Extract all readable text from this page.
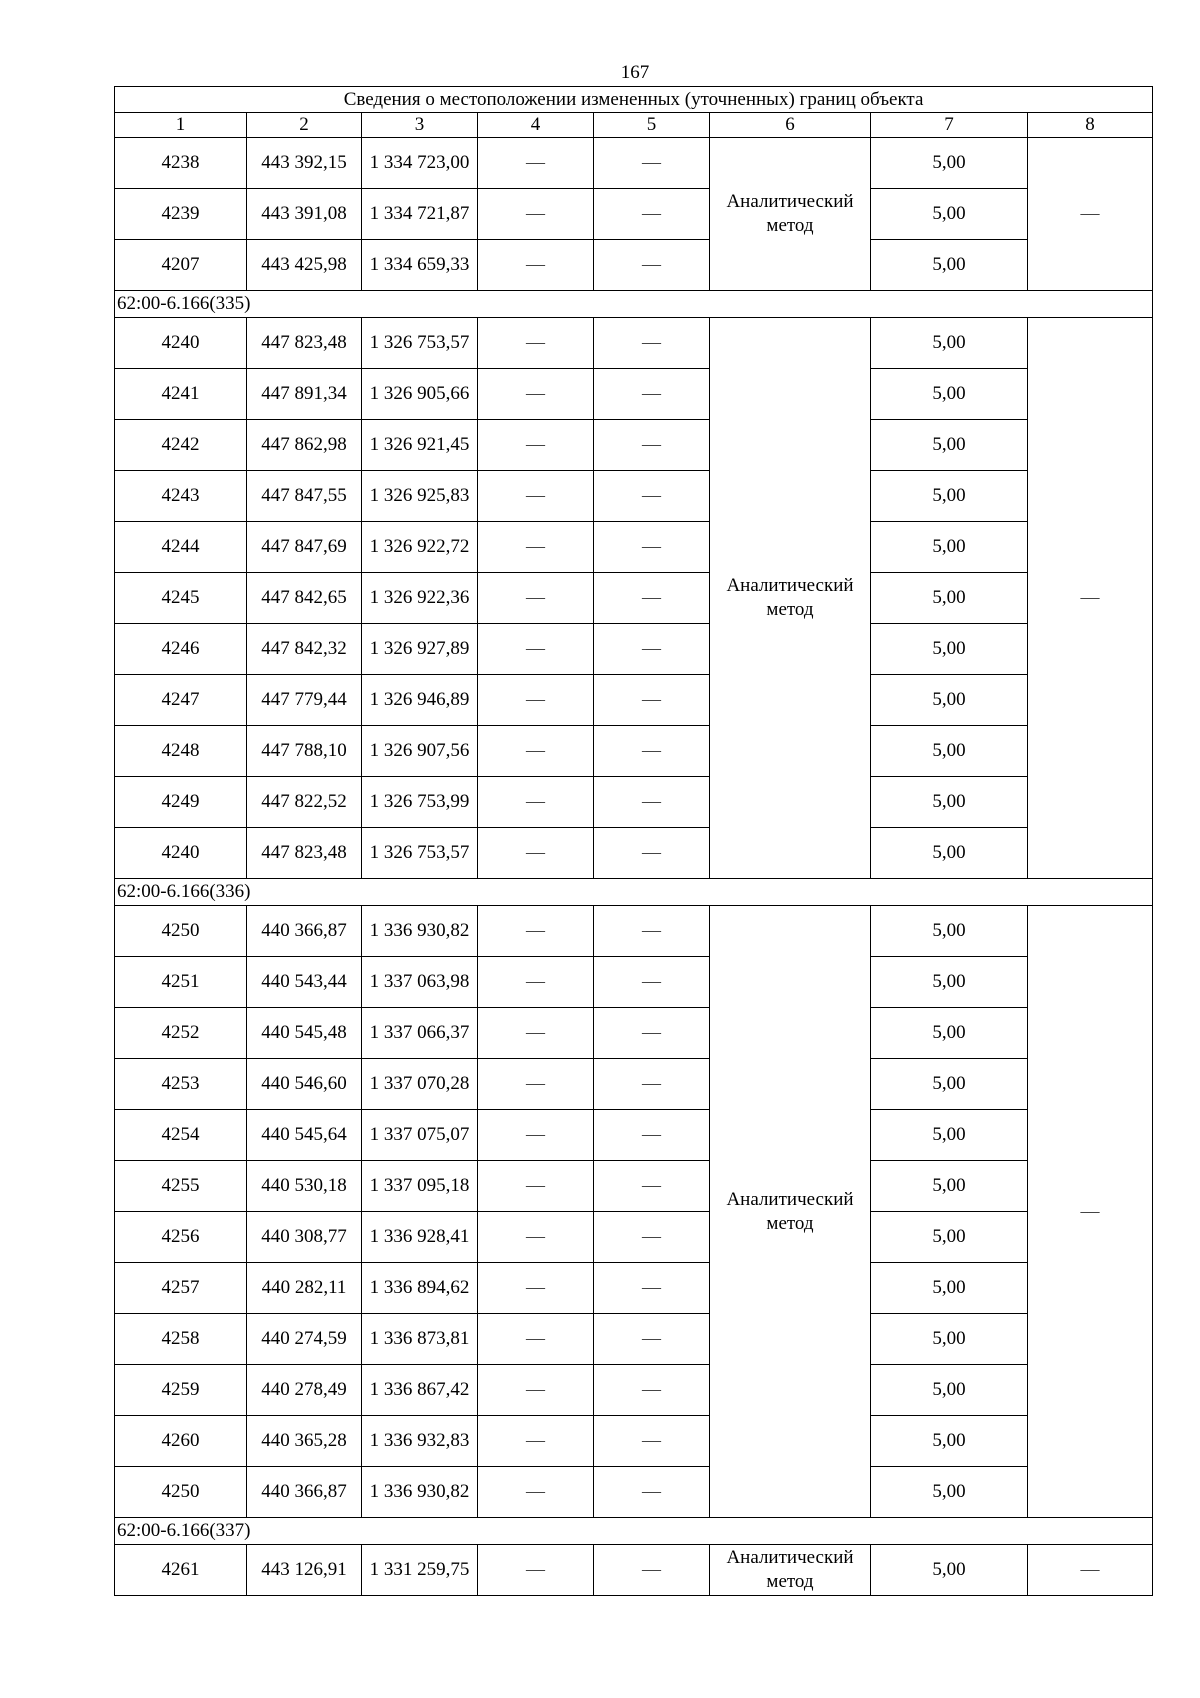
167
Сведения о местоположении измененных (уточненных) границ объекта							
1	2	3	4	5	6	7	8
4238	443 392,15	1 334 723,00	—	—	Аналитический метод	5,00	—
4239	443 391,08	1 334 721,87	—	—		5,00	
4207	443 425,98	1 334 659,33	—	—		5,00	
62:00-6.166(335)							
4240	447 823,48	1 326 753,57	—	—	Аналитический метод	5,00	—
4241	447 891,34	1 326 905,66	—	—		5,00	
4242	447 862,98	1 326 921,45	—	—		5,00	
4243	447 847,55	1 326 925,83	—	—		5,00	
4244	447 847,69	1 326 922,72	—	—		5,00	
4245	447 842,65	1 326 922,36	—	—		5,00	
4246	447 842,32	1 326 927,89	—	—		5,00	
4247	447 779,44	1 326 946,89	—	—		5,00	
4248	447 788,10	1 326 907,56	—	—		5,00	
4249	447 822,52	1 326 753,99	—	—		5,00	
4240	447 823,48	1 326 753,57	—	—		5,00	
62:00-6.166(336)							
4250	440 366,87	1 336 930,82	—	—	Аналитический метод	5,00	—
4251	440 543,44	1 337 063,98	—	—		5,00	
4252	440 545,48	1 337 066,37	—	—		5,00	
4253	440 546,60	1 337 070,28	—	—		5,00	
4254	440 545,64	1 337 075,07	—	—		5,00	
4255	440 530,18	1 337 095,18	—	—		5,00	
4256	440 308,77	1 336 928,41	—	—		5,00	
4257	440 282,11	1 336 894,62	—	—		5,00	
4258	440 274,59	1 336 873,81	—	—		5,00	
4259	440 278,49	1 336 867,42	—	—		5,00	
4260	440 365,28	1 336 932,83	—	—		5,00	
4250	440 366,87	1 336 930,82	—	—		5,00	
62:00-6.166(337)							
4261	443 126,91	1 331 259,75	—	—	Аналитический метод	5,00	—
